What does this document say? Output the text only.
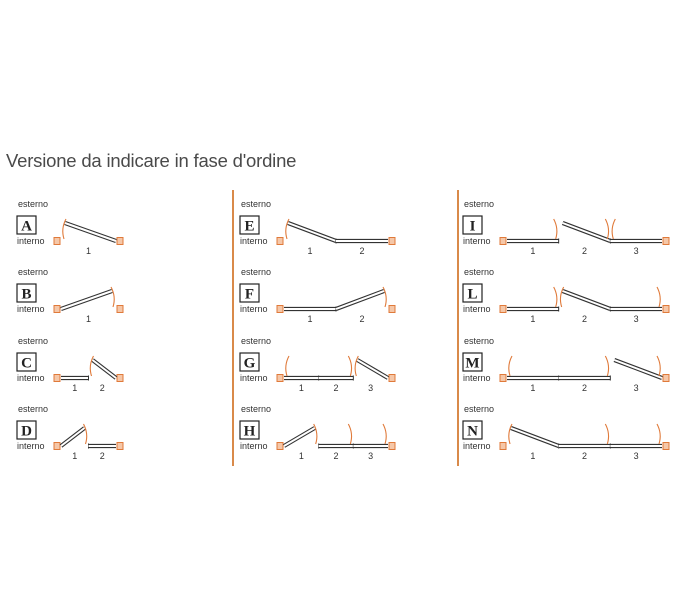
Versione da indicare in fase d'ordine
esterno
A
interno
1
esterno
B
interno
1
esterno
C
interno
1 2
esterno
D
interno
1 2
esterno
E
interno
1	2
esterno
F
interno
1	2
esterno
G
interno
1	2	3
esterno
H
interno
1	2	3
esterno
I
interno
1	2	3
esterno
L
interno
1	2	3
esterno
M
interno
1	2	3
esterno
N
interno
1	2	3
